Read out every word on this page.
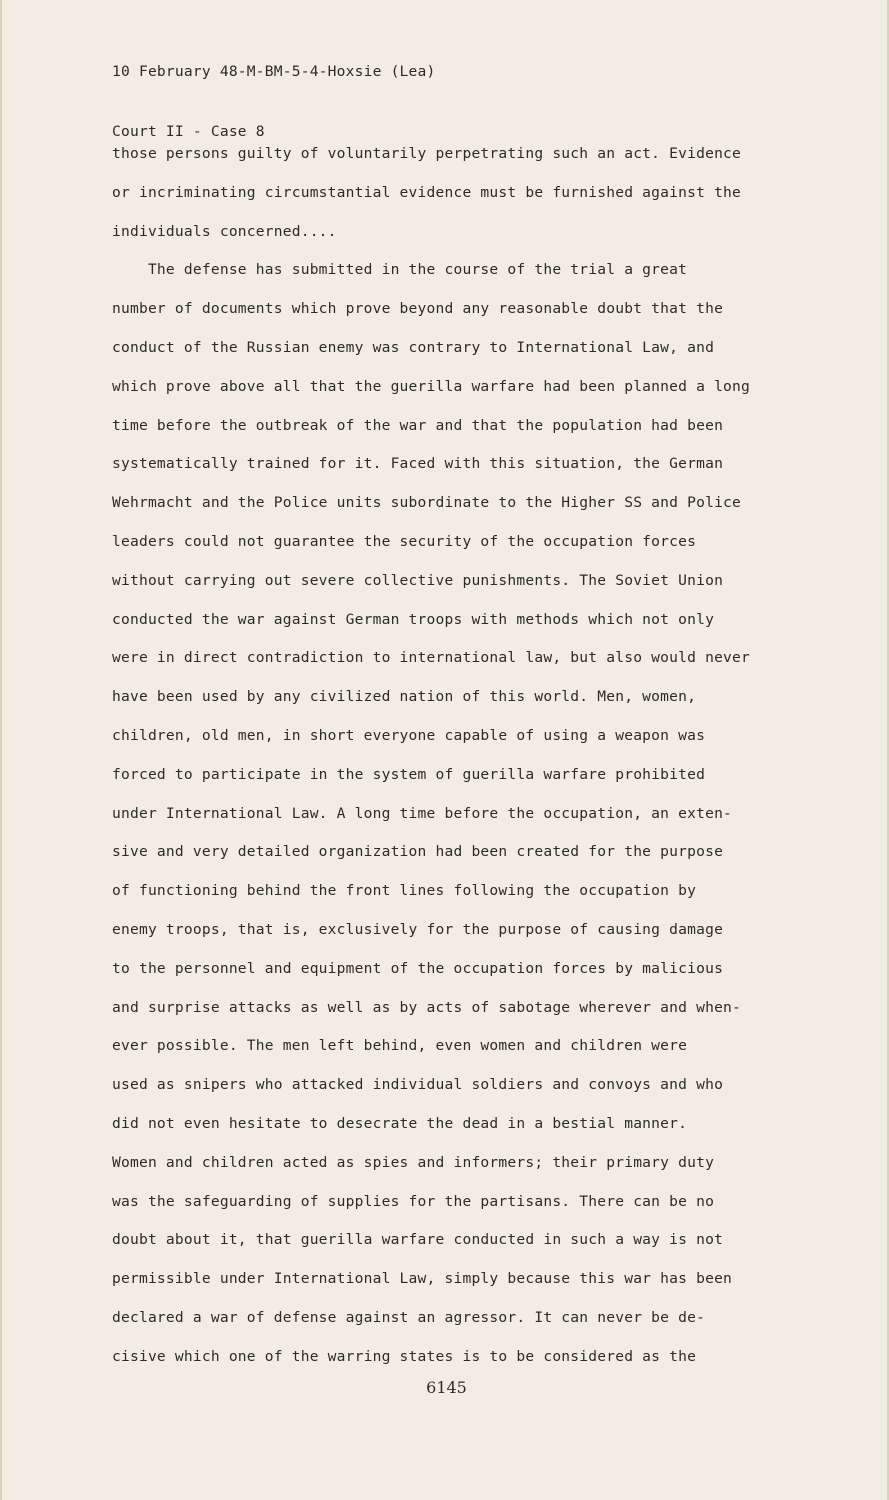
10 February 48-M-BM-5-4-Hoxsie (Lea)

Court II - Case 8

those persons guilty of voluntarily perpetrating such an act. Evidence
or incriminating circumstantial evidence must be furnished against the
individuals concerned....
The defense has submitted in the course of the trial a great
number of documents which prove beyond any reasonable doubt that the
conduct of the Russian enemy was contrary to International Law, and
which prove above all that the guerilla warfare had been planned a long
time before the outbreak of the war and that the population had been
systematically trained for it. Faced with this situation, the German
Wehrmacht and the Police units subordinate to the Higher SS and Police
leaders could not guarantee the security of the occupation forces
without carrying out severe collective punishments. The Soviet Union
conducted the war against German troops with methods which not only
were in direct contradiction to international law, but also would never
have been used by any civilized nation of this world. Men, women,
children, old men, in short everyone capable of using a weapon was
forced to participate in the system of guerilla warfare prohibited
under International Law. A long time before the occupation, an exten-
sive and very detailed organization had been created for the purpose
of functioning behind the front lines following the occupation by
enemy troops, that is, exclusively for the purpose of causing damage
to the personnel and equipment of the occupation forces by malicious
and surprise attacks as well as by acts of sabotage wherever and when-
ever possible. The men left behind, even women and children were
used as snipers who attacked individual soldiers and convoys and who
did not even hesitate to desecrate the dead in a bestial manner.
Women and children acted as spies and informers; their primary duty
was the safeguarding of supplies for the partisans. There can be no
doubt about it, that guerilla warfare conducted in such a way is not
permissible under International Law, simply because this war has been
declared a war of defense against an agressor. It can never be de-
cisive which one of the warring states is to be considered as the
6145
